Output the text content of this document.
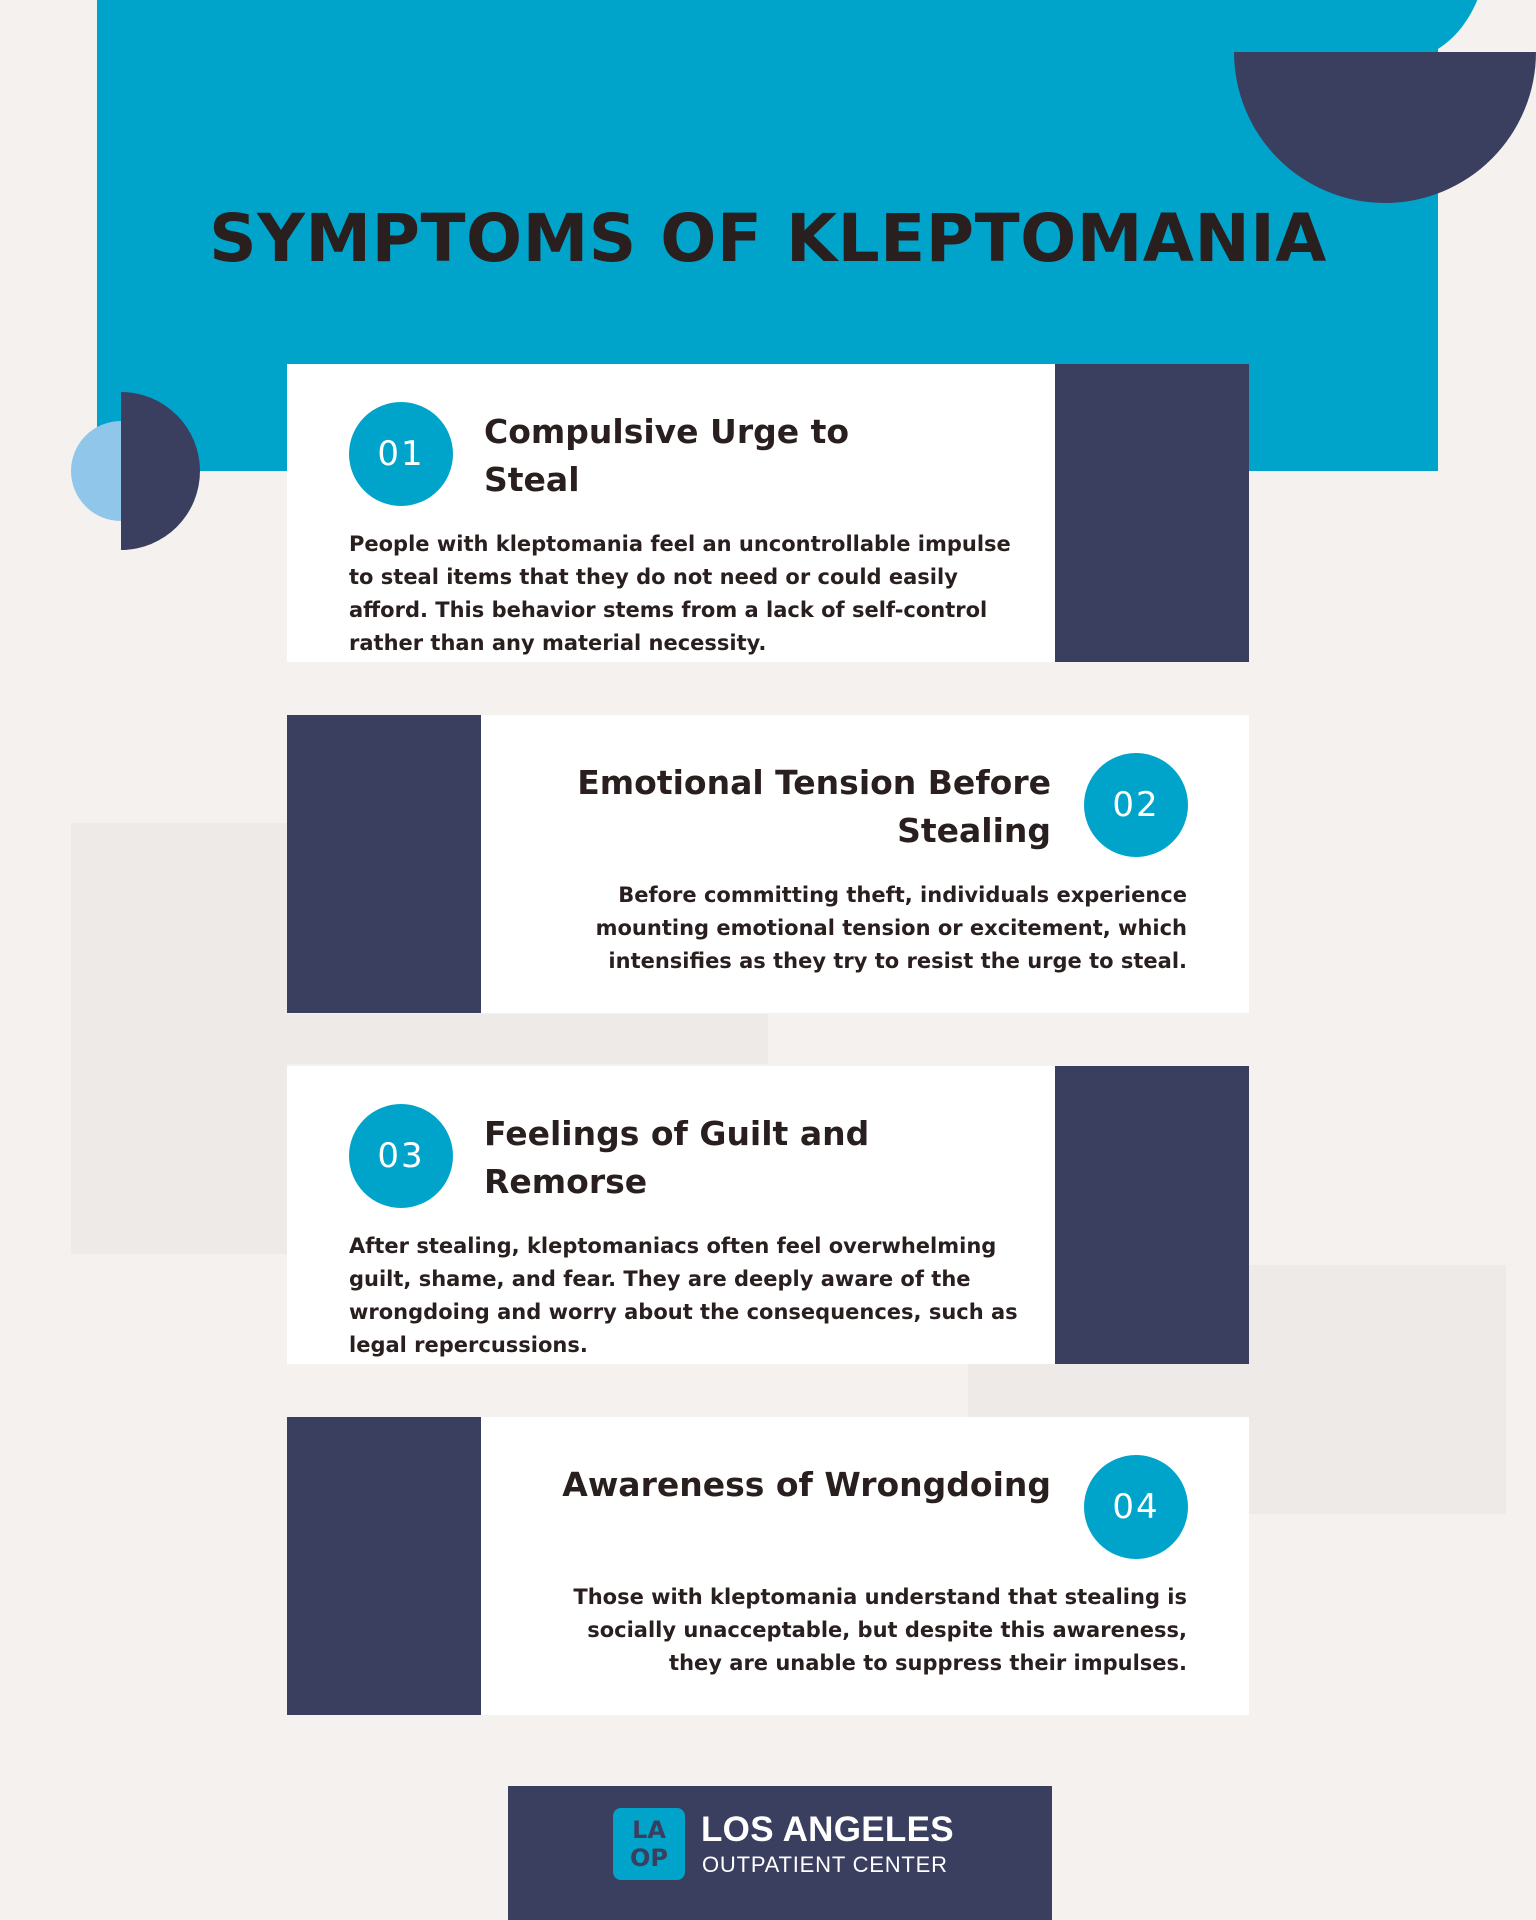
SYMPTOMS OF KLEPTOMANIA
01
Compulsive Urge to Steal

People with kleptomania feel an uncontrollable impulse to steal items that they do not need or could easily afford. This behavior stems from a lack of self-control rather than any material necessity.

02
Emotional Tension Before Stealing

Before committing theft, individuals experience mounting emotional tension or excitement, which intensifies as they try to resist the urge to steal.

03
Feelings of Guilt and Remorse

After stealing, kleptomaniacs often feel overwhelming guilt, shame, and fear. They are deeply aware of the wrongdoing and worry about the consequences, such as legal repercussions.

04
Awareness of Wrongdoing

Those with kleptomania understand that stealing is socially unacceptable, but despite this awareness, they are unable to suppress their impulses.

LA
OP
LOS ANGELES
OUTPATIENT CENTER
